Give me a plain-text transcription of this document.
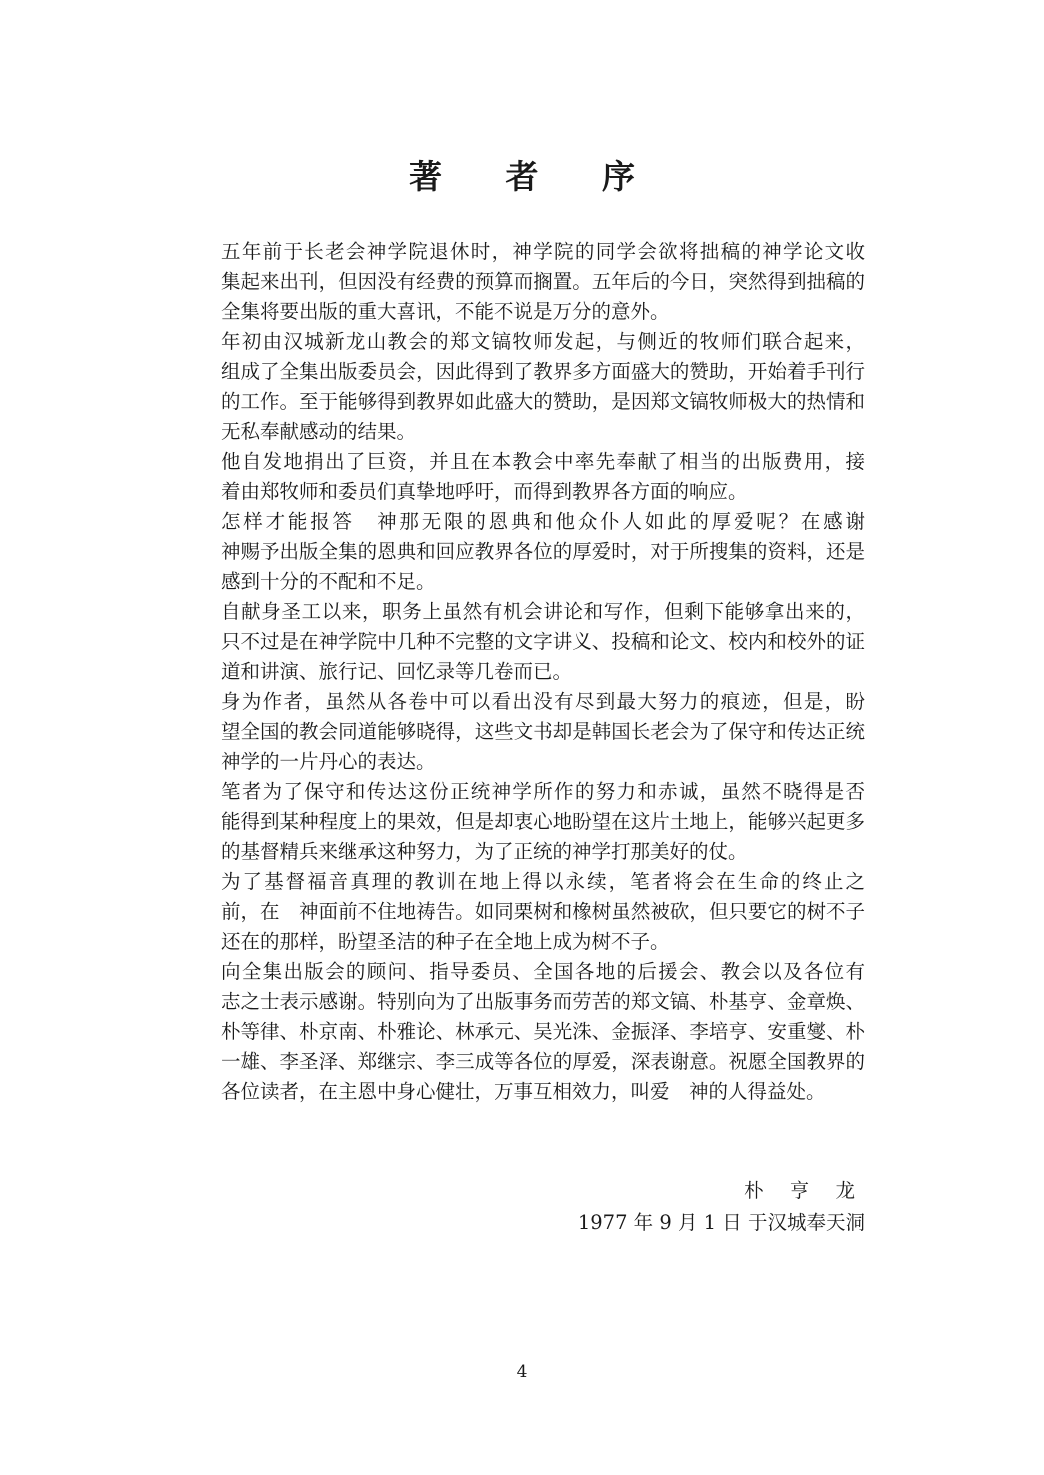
著 者 序

五年前于长老会神学院退休时，神学院的同学会欲将拙稿的神学论文收
集起来出刊，但因没有经费的预算而搁置。五年后的今日，突然得到拙稿的
全集将要出版的重大喜讯，不能不说是万分的意外。

年初由汉城新龙山教会的郑文镐牧师发起，与侧近的牧师们联合起来，
组成了全集出版委员会，因此得到了教界多方面盛大的赞助，开始着手刊行
的工作。至于能够得到教界如此盛大的赞助，是因郑文镐牧师极大的热情和
无私奉献感动的结果。

他自发地捐出了巨资，并且在本教会中率先奉献了相当的出版费用，接
着由郑牧师和委员们真挚地呼吁，而得到教界各方面的响应。

怎样才能报答　神那无限的恩典和他众仆人如此的厚爱呢？在感谢
神赐予出版全集的恩典和回应教界各位的厚爱时，对于所搜集的资料，还是
感到十分的不配和不足。

自献身圣工以来，职务上虽然有机会讲论和写作，但剩下能够拿出来的，
只不过是在神学院中几种不完整的文字讲义、投稿和论文、校内和校外的证
道和讲演、旅行记、回忆录等几卷而已。

身为作者，虽然从各卷中可以看出没有尽到最大努力的痕迹，但是，盼
望全国的教会同道能够晓得，这些文书却是韩国长老会为了保守和传达正统
神学的一片丹心的表达。

笔者为了保守和传达这份正统神学所作的努力和赤诚，虽然不晓得是否
能得到某种程度上的果效，但是却衷心地盼望在这片土地上，能够兴起更多
的基督精兵来继承这种努力，为了正统的神学打那美好的仗。

为了基督福音真理的教训在地上得以永续，笔者将会在生命的终止之
前，在　神面前不住地祷告。如同栗树和橡树虽然被砍，但只要它的树不子
还在的那样，盼望圣洁的种子在全地上成为树不子。

向全集出版会的顾问、指导委员、全国各地的后援会、教会以及各位有
志之士表示感谢。特别向为了出版事务而劳苦的郑文镐、朴基亨、金章焕、
朴等律、朴京南、朴雅论、林承元、吴光洙、金振泽、李培亨、安重燮、朴
一雄、李圣泽、郑继宗、李三成等各位的厚爱，深表谢意。祝愿全国教界的
各位读者，在主恩中身心健壮，万事互相效力，叫爱　神的人得益处。

朴 亨 龙
1977 年 9 月 1 日 于汉城奉天洞
4
